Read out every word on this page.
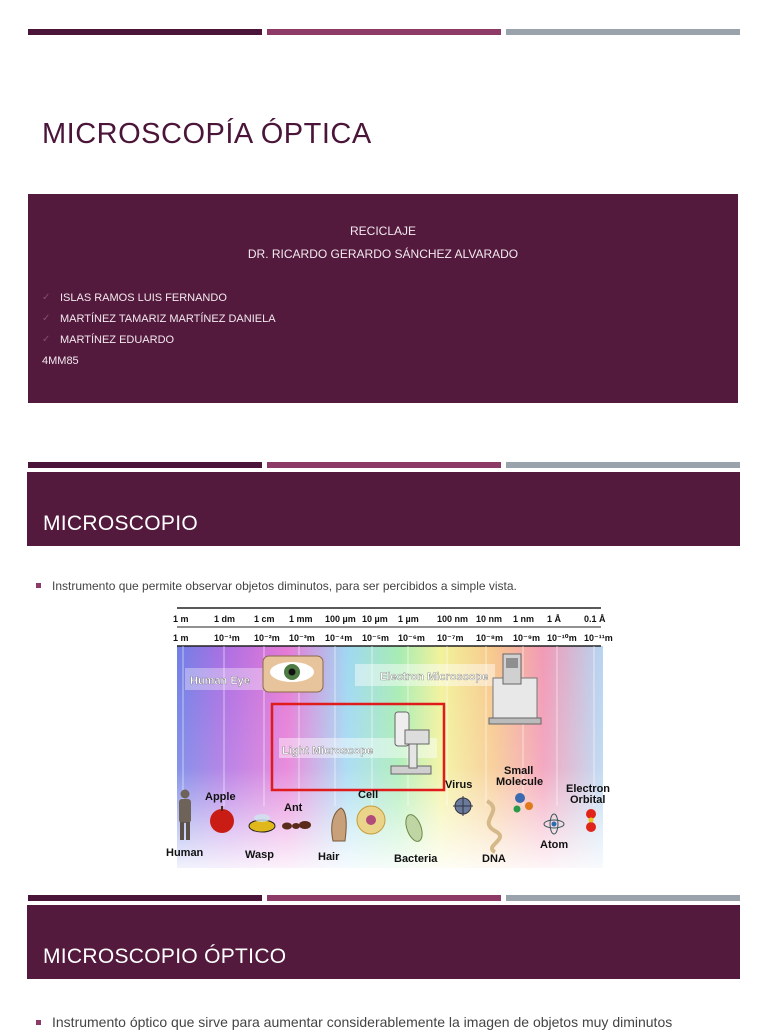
MICROSCOPÍA ÓPTICA
RECICLAJE
DR. RICARDO GERARDO SÁNCHEZ ALVARADO
✓ ISLAS RAMOS LUIS FERNANDO
✓ MARTÍNEZ TAMARIZ MARTÍNEZ DANIELA
✓ MARTÍNEZ EDUARDO
4MM85
MICROSCOPIO
Instrumento que permite observar objetos diminutos, para ser percibidos a simple vista.
1 m	1 dm 1 cm 1 mm 100 µm 10 µm 1 µm 100 nm 10 nm 1 nm 1 Å	0.1 Å
1 m	10⁻¹m 10⁻²m 10⁻³m 10⁻⁴m 10⁻⁵m 10⁻⁶m 10⁻⁷m 10⁻⁸m 10⁻⁹m 10⁻¹⁰m 10⁻¹¹m
Human Eye	Electron Microscope
Light Microscope
Human
Apple
Wasp
Ant
Hair
Cell
Bacteria
Virus
DNA
Small
Molecule
Atom
Electron
Orbital
MICROSCOPIO ÓPTICO
Instrumento óptico que sirve para aumentar considerablemente la imagen de objetos muy diminutos
